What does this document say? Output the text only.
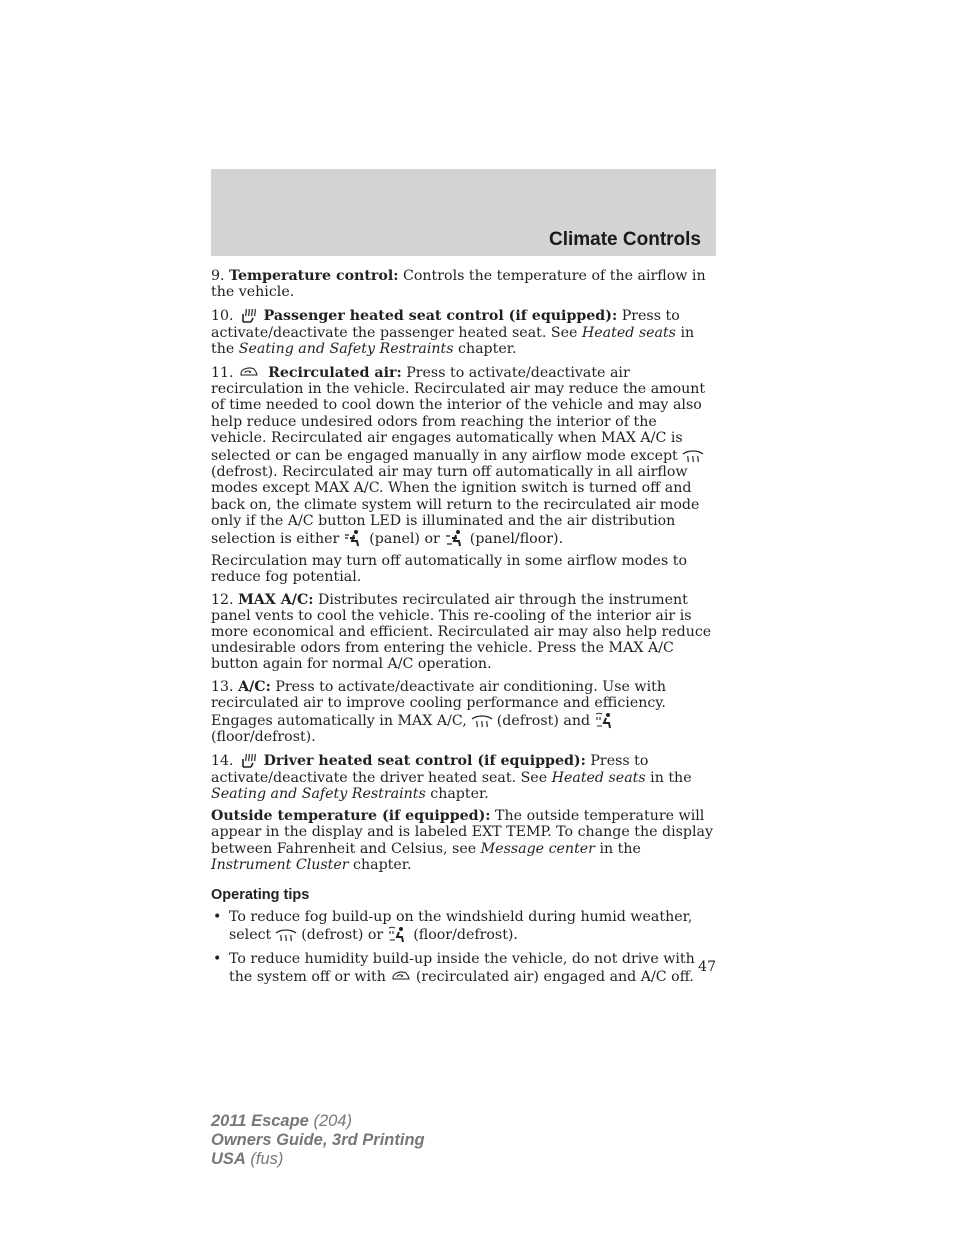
Climate Controls

9. Temperature control: Controls the temperature of the airflow in the vehicle.

10. Passenger heated seat control (if equipped): Press to activate/deactivate the passenger heated seat. See Heated seats in the Seating and Safety Restraints chapter.

11. Recirculated air: Press to activate/deactivate air recirculation in the vehicle. Recirculated air may reduce the amount of time needed to cool down the interior of the vehicle and may also help reduce undesired odors from reaching the interior of the vehicle. Recirculated air engages automatically when MAX A/C is selected or can be engaged manually in any airflow mode except
(defrost). Recirculated air may turn off automatically in all airflow modes except MAX A/C. When the ignition switch is turned off and back on, the climate system will return to the recirculated air mode only if the A/C button LED is illuminated and the air distribution selection is either (panel) or (panel/floor).

Recirculation may turn off automatically in some airflow modes to reduce fog potential.

12. MAX A/C: Distributes recirculated air through the instrument panel vents to cool the vehicle. This re-cooling of the interior air is more economical and efficient. Recirculated air may also help reduce undesirable odors from entering the vehicle. Press the MAX A/C button again for normal A/C operation.

13. A/C: Press to activate/deactivate air conditioning. Use with recirculated air to improve cooling performance and efficiency. Engages automatically in MAX A/C, (defrost) and
(floor/defrost).

14. Driver heated seat control (if equipped): Press to activate/deactivate the driver heated seat. See Heated seats in the Seating and Safety Restraints chapter.

Outside temperature (if equipped): The outside temperature will appear in the display and is labeled EXT TEMP. To change the display between Fahrenheit and Celsius, see Message center in the Instrument Cluster chapter.

Operating tips
• To reduce fog build-up on the windshield during humid weather, select (defrost) or (floor/defrost).
• To reduce humidity build-up inside the vehicle, do not drive with the system off or with (recirculated air) engaged and A/C off.
47
2011 Escape (204)
Owners Guide, 3rd Printing
USA (fus)
